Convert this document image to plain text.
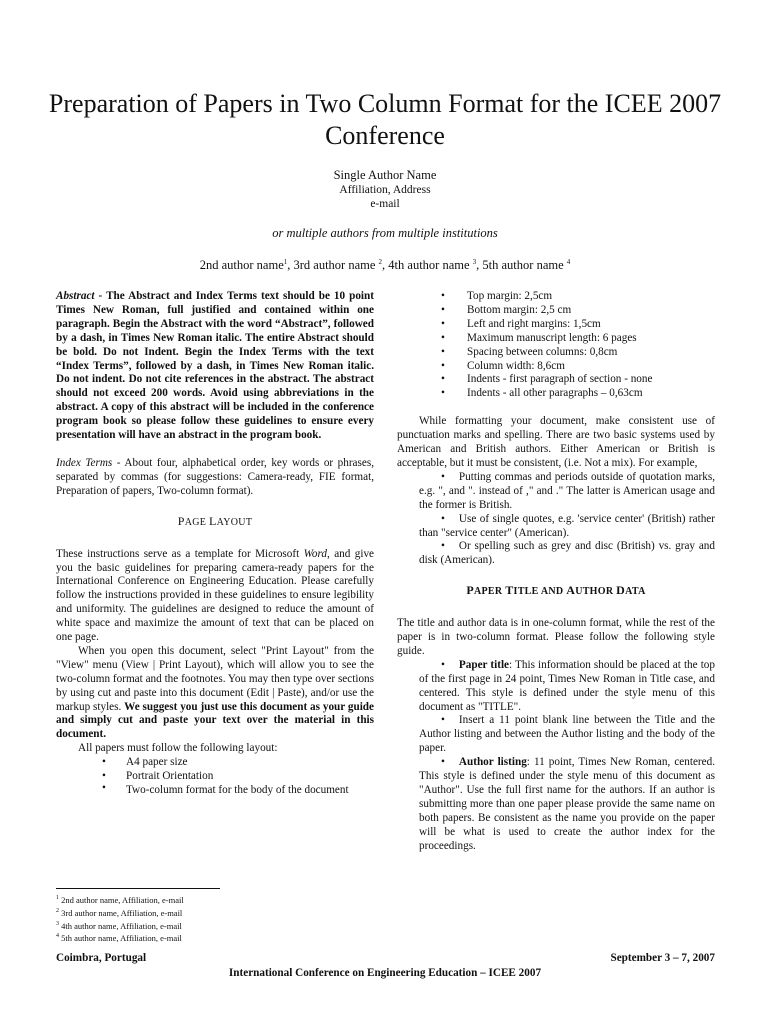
Preparation of Papers in Two Column Format for the ICEE 2007 Conference
Single Author Name
Affiliation, Address
e-mail
or multiple authors from multiple institutions
2nd author name$^1$, 3rd author name $^2$, 4th author name $^3$, 5th author name $^4$

Abstract - The Abstract and Index Terms text should be 10 point Times New Roman, full justified and contained within one paragraph. Begin the Abstract with the word “Abstract”, followed by a dash, in Times New Roman italic. The entire Abstract should be bold. Do not Indent. Begin the Index Terms with the text “Index Terms”, followed by a dash, in Times New Roman italic. Do not indent. Do not cite references in the abstract. The abstract should not exceed 200 words. Avoid using abbreviations in the abstract. A copy of this abstract will be included in the conference program book so please follow these guidelines to ensure every presentation will have an abstract in the program book.

Index Terms - About four, alphabetical order, key words or phrases, separated by commas (for suggestions: Camera-ready, FIE format, Preparation of papers, Two-column format).

PAGE LAYOUT

These instructions serve as a template for Microsoft Word, and give you the basic guidelines for preparing camera-ready papers for the International Conference on Engineering Education. Please carefully follow the instructions provided in these guidelines to ensure legibility and uniformity. The guidelines are designed to reduce the amount of white space and maximize the amount of text that can be placed on one page.

When you open this document, select "Print Layout" from the "View" menu (View | Print Layout), which will allow you to see the two-column format and the footnotes. You may then type over sections by using cut and paste into this document (Edit | Paste), and/or use the markup styles. We suggest you just use this document as your guide and simply cut and paste your text over the material in this document.

All papers must follow the following layout:

• A4 paper size
• Portrait Orientation
• Two-column format for the body of the document
• Top margin: 2,5cm
• Bottom margin: 2,5 cm
• Left and right margins: 1,5cm
• Maximum manuscript length: 6 pages
• Spacing between columns: 0,8cm
• Column width: 8,6cm
• Indents - first paragraph of section - none
• Indents - all other paragraphs – 0,63cm

While formatting your document, make consistent use of punctuation marks and spelling. There are two basic systems used by American and British authors. Either American or British is acceptable, but it must be consistent, (i.e. Not a mix). For example,

• Putting commas and periods outside of quotation marks, e.g. ", and ". instead of ," and ." The latter is American usage and the former is British.

• Use of single quotes, e.g. 'service center' (British) rather than "service center" (American).

• Or spelling such as grey and disc (British) vs. gray and disk (American).

PAPER TITLE AND AUTHOR DATA

The title and author data is in one-column format, while the rest of the paper is in two-column format. Please follow the following style guide.

• Paper title: This information should be placed at the top of the first page in 24 point, Times New Roman in Title case, and centered. This style is defined under the style menu of this document as "TITLE".

• Insert a 11 point blank line between the Title and the Author listing and between the Author listing and the body of the paper.

• Author listing: 11 point, Times New Roman, centered. This style is defined under the style menu of this document as "Author". Use the full first name for the authors. If an author is submitting more than one paper please provide the same name on both papers. Be consistent as the name you provide on the paper will be what is used to create the author index for the proceedings.

$^1$ 2nd author name, Affiliation, e-mail
$^2$ 3rd author name, Affiliation, e-mail
$^3$ 4th author name, Affiliation, e-mail
$^4$ 5th author name, Affiliation, e-mail
Coimbra, Portugal	September 3 – 7, 2007
International Conference on Engineering Education – ICEE 2007
